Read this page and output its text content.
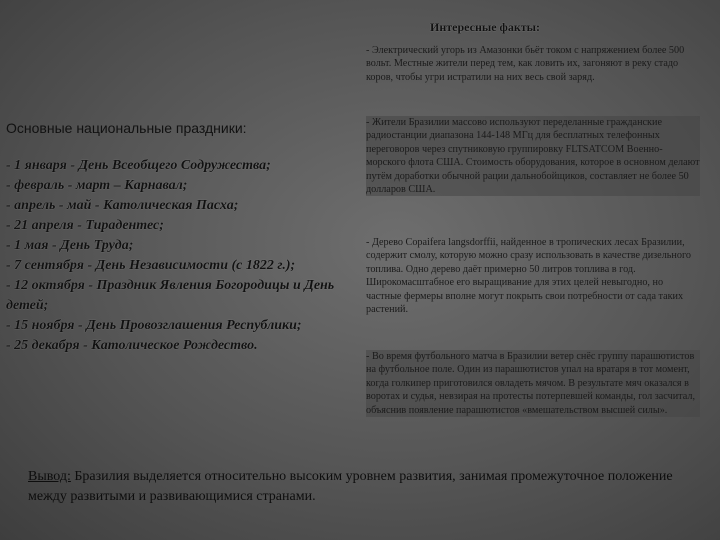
Интересные факты:
- Электрический угорь из Амазонки бьёт током с напряжением более 500 вольт. Местные жители перед тем, как ловить их, загоняют в реку стадо коров, чтобы угри истратили на них весь свой заряд.
- Жители Бразилии массово используют переделанные гражданские радиостанции диапазона 144-148 МГц для бесплатных телефонных переговоров через спутниковую группировку FLTSATCOM Военно-морского флота США. Стоимость оборудования, которое в основном делают путём доработки обычной рации дальнобойщиков, составляет не более 50 долларов США.
- Дерево Copaifera langsdorffii, найденное в тропических лесах Бразилии, содержит смолу, которую можно сразу использовать в качестве дизельного топлива. Одно дерево даёт примерно 50 литров топлива в год. Широкомасштабное его выращивание для этих целей невыгодно, но частные фермеры вполне могут покрыть свои потребности от сада таких растений.
- Во время футбольного матча в Бразилии ветер снёс группу парашютистов на футбольное поле. Один из парашютистов упал на вратаря в тот момент, когда голкипер приготовился овладеть мячом. В результате мяч оказался в воротах и судья, невзирая на протесты потерпевшей команды, гол засчитал, объяснив появление парашютистов «вмешательством высшей силы».
Основные национальные праздники:
- 1 января - День Всеобщего Содружества;
- февраль - март – Карнавал;
- апрель - май - Католическая Пасха;
- 21 апреля - Тирадентес;
- 1 мая - День Труда;
- 7 сентября - День Независимости (с 1822 г.);
- 12 октября - Праздник Явления Богородицы и День детей;
- 15 ноября - День Провозглашения Республики;
- 25 декабря - Католическое Рождество.
Вывод: Бразилия выделяется относительно высоким уровнем развития, занимая промежуточное положение между развитыми и развивающимися странами.
